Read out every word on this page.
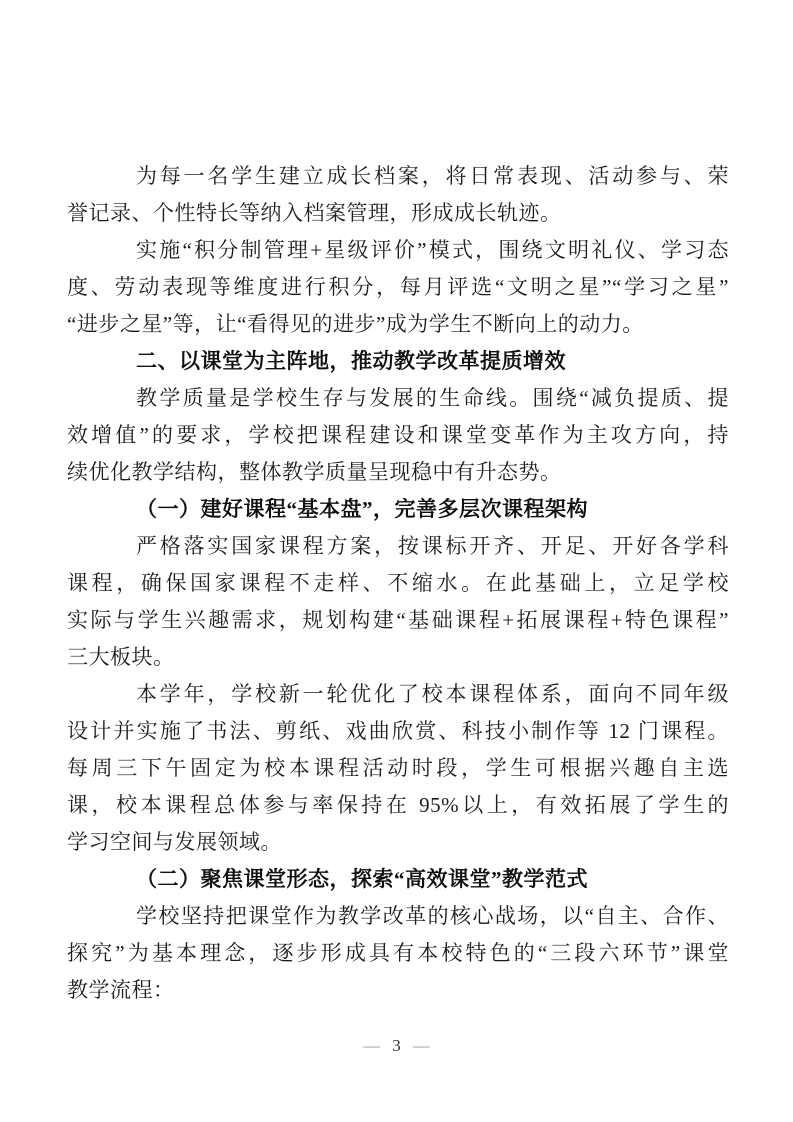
为每一名学生建立成长档案，将日常表现、活动参与、荣
誉记录、个性特长等纳入档案管理，形成成长轨迹。
实施“积分制管理+星级评价”模式，围绕文明礼仪、学习态
度、劳动表现等维度进行积分，每月评选“文明之星”“学习之星”
“进步之星”等，让“看得见的进步”成为学生不断向上的动力。
二、以课堂为主阵地，推动教学改革提质增效
教学质量是学校生存与发展的生命线。围绕“减负提质、提
效增值”的要求，学校把课程建设和课堂变革作为主攻方向，持
续优化教学结构，整体教学质量呈现稳中有升态势。
（一）建好课程“基本盘”，完善多层次课程架构
严格落实国家课程方案，按课标开齐、开足、开好各学科
课程，确保国家课程不走样、不缩水。在此基础上，立足学校
实际与学生兴趣需求，规划构建“基础课程+拓展课程+特色课程”
三大板块。
本学年，学校新一轮优化了校本课程体系，面向不同年级
设计并实施了书法、剪纸、戏曲欣赏、科技小制作等 12 门课程。
每周三下午固定为校本课程活动时段，学生可根据兴趣自主选
课，校本课程总体参与率保持在 95%以上，有效拓展了学生的
学习空间与发展领域。
（二）聚焦课堂形态，探索“高效课堂”教学范式
学校坚持把课堂作为教学改革的核心战场，以“自主、合作、
探究”为基本理念，逐步形成具有本校特色的“三段六环节”课堂
教学流程：
— 3 —
